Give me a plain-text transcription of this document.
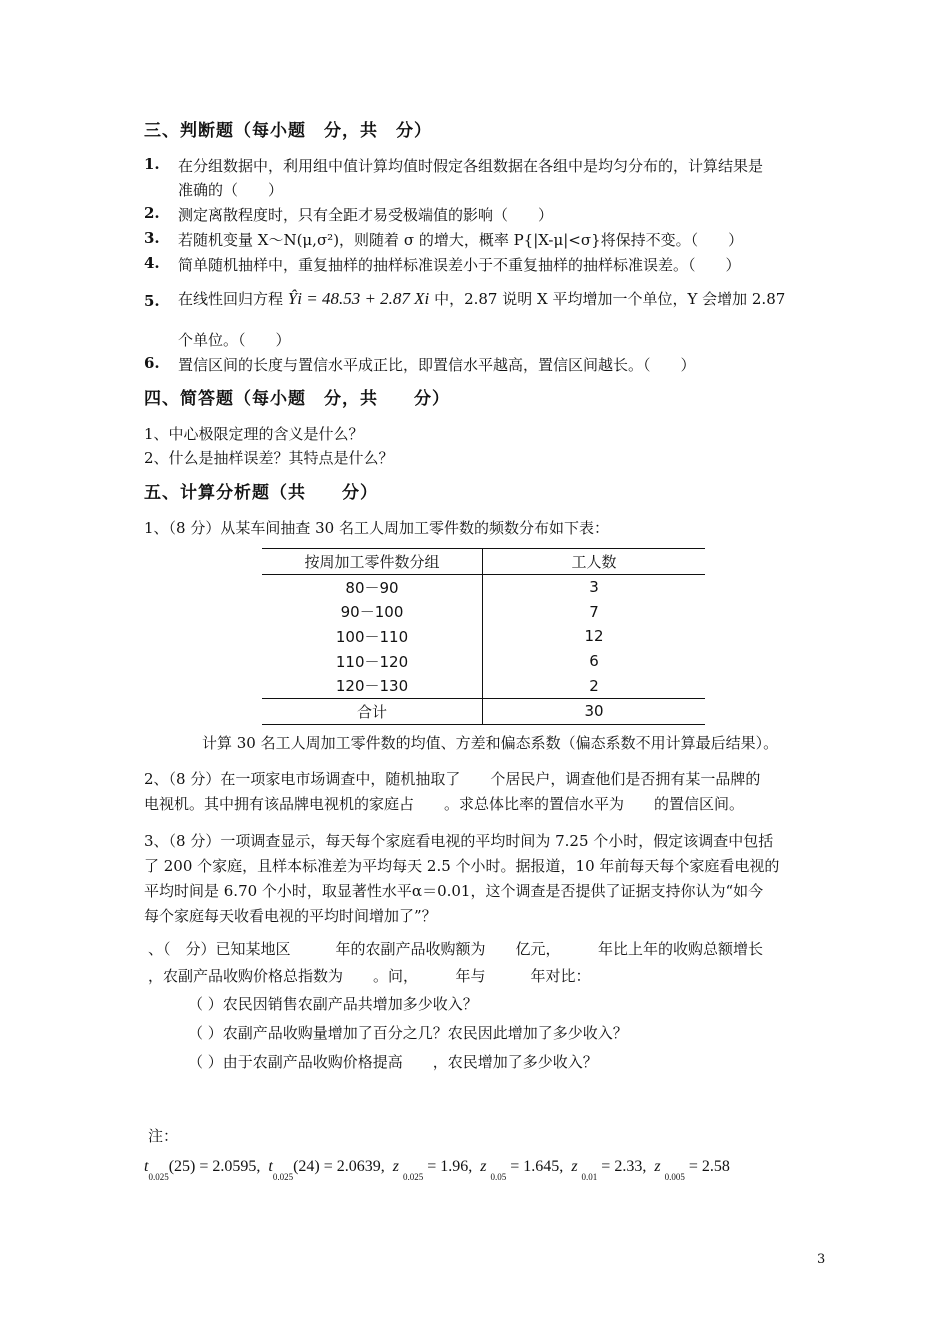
三、判断题（每小题　分，共　分）
1. 在分组数据中，利用组中值计算均值时假定各组数据在各组中是均匀分布的，计算结果是
准确的（　　）
2. 测定离散程度时，只有全距才易受极端值的影响（　　）
3. 若随机变量 X～N(μ,σ²)，则随着 σ 的增大，概率 P{|X-μ|<σ}将保持不变。（　　）
4. 简单随机抽样中，重复抽样的抽样标准误差小于不重复抽样的抽样标准误差。（　　）
5. 在线性回归方程 Ŷi = 48.53 + 2.87 Xi 中，2.87 说明 X 平均增加一个单位，Y 会增加 2.87
个单位。（　　）
6. 置信区间的长度与置信水平成正比，即置信水平越高，置信区间越长。（　　）
四、简答题（每小题　分，共　　分）
1、中心极限定理的含义是什么？
2、什么是抽样误差？其特点是什么？
五、计算分析题（共　　分）
1、（8 分）从某车间抽查 30 名工人周加工零件数的频数分布如下表：
按周加工零件数分组	工人数
80－90	3
90－100	7
100－110	12
110－120	6
120－130	2
合计	30
计算 30 名工人周加工零件数的均值、方差和偏态系数（偏态系数不用计算最后结果）。
2、（8 分）在一项家电市场调查中，随机抽取了　　个居民户，调查他们是否拥有某一品牌的
电视机。其中拥有该品牌电视机的家庭占　　。求总体比率的置信水平为　　的置信区间。
3、（8 分）一项调查显示，每天每个家庭看电视的平均时间为 7.25 个小时，假定该调查中包括
了 200 个家庭，且样本标准差为平均每天 2.5 个小时。据报道，10 年前每天每个家庭看电视的
平均时间是 6.70 个小时，取显著性水平α＝0.01，这个调查是否提供了证据支持你认为“如今
每个家庭每天收看电视的平均时间增加了”？
、（　分）已知某地区　　　年的农副产品收购额为　　亿元，　　　年比上年的收购总额增长
，农副产品收购价格总指数为　　。问，　　　年与　　　年对比：
（ ）农民因销售农副产品共增加多少收入？
（ ）农副产品收购量增加了百分之几？农民因此增加了多少收入？
（ ）由于农副产品收购价格提高　　，农民增加了多少收入？
注：
$t_{0.025}(25) = 2.0595$, $t_{0.025}(24) = 2.0639$, z $_{0.025}$ = 1.96, z $_{0.05}$ = 1.645, z $_{0.01}$ = 2.33, z $_{0.005}$ = 2.58
3
